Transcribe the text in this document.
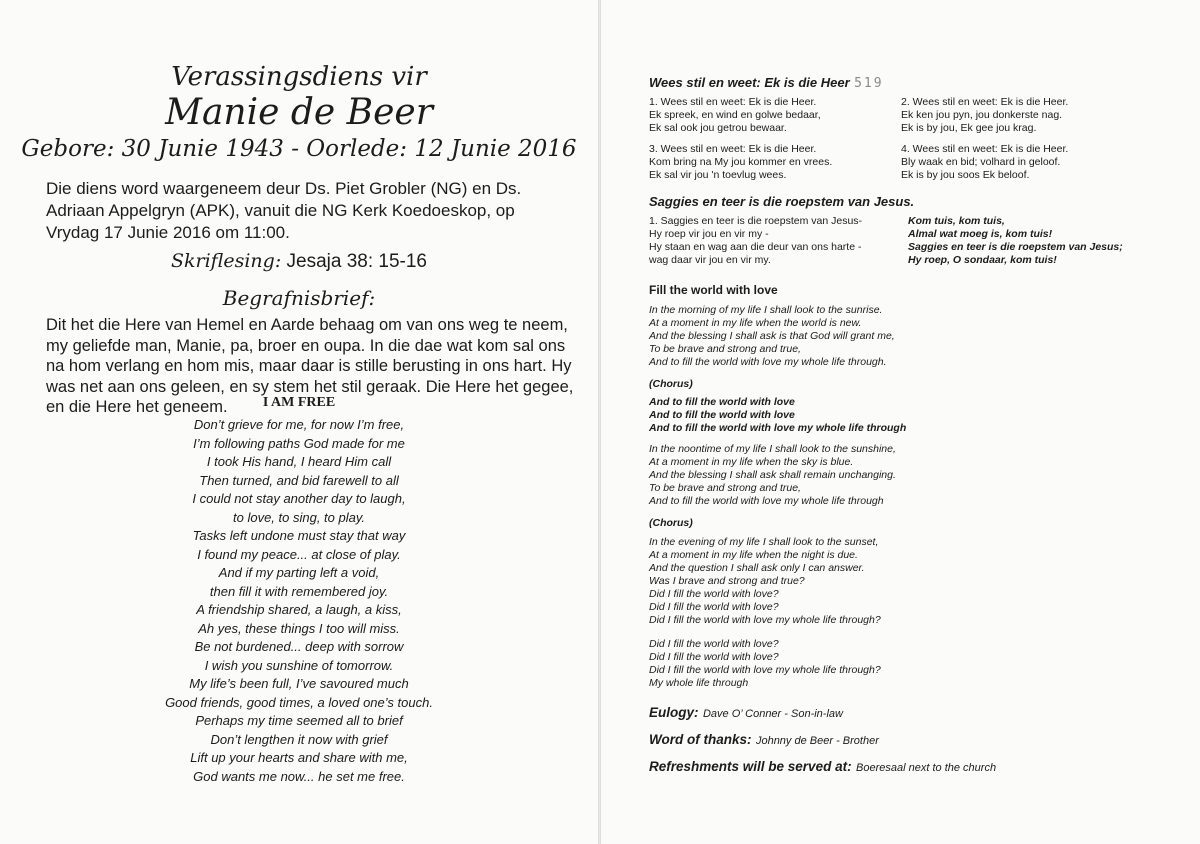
Verassingsdiens vir
Manie de Beer
Gebore: 30 Junie 1943 - Oorlede: 12 Junie 2016
Die diens word waargeneem deur Ds. Piet Grobler (NG) en Ds. Adriaan Appelgryn (APK), vanuit die NG Kerk Koedoeskop, op Vrydag 17 Junie 2016 om 11:00.
Skriflesing: Jesaja 38: 15-16
Begrafnisbrief:
Dit het die Here van Hemel en Aarde behaag om van ons weg te neem, my geliefde man, Manie, pa, broer en oupa. In die dae wat kom sal ons na hom verlang en hom mis, maar daar is stille berusting in ons hart. Hy was net aan ons geleen, en sy stem het stil geraak. Die Here het gegee, en die Here het geneem.	I AM FREE
Don’t grieve for me, for now I’m free,
I’m following paths God made for me
I took His hand, I heard Him call
Then turned, and bid farewell to all
I could not stay another day to laugh,
to love, to sing, to play.
Tasks left undone must stay that way
I found my peace... at close of play.
And if my parting left a void,
then fill it with remembered joy.
A friendship shared, a laugh, a kiss,
Ah yes, these things I too will miss.
Be not burdened... deep with sorrow
I wish you sunshine of tomorrow.
My life’s been full, I’ve savoured much
Good friends, good times, a loved one’s touch.
Perhaps my time seemed all to brief
Don’t lengthen it now with grief
Lift up your hearts and share with me,
God wants me now... he set me free.
Wees stil en weet: Ek is die Heer 519
1. Wees stil en weet: Ek is die Heer.
Ek spreek, en wind en golwe bedaar,
Ek sal ook jou getrou bewaar.
2. Wees stil en weet: Ek is die Heer.
Ek ken jou pyn, jou donkerste nag.
Ek is by jou, Ek gee jou krag.
3. Wees stil en weet: Ek is die Heer.
Kom bring na My jou kommer en vrees.
Ek sal vir jou 'n toevlug wees.
4. Wees stil en weet: Ek is die Heer.
Bly waak en bid; volhard in geloof.
Ek is by jou soos Ek beloof.
Saggies en teer is die roepstem van Jesus.
1. Saggies en teer is die roepstem van Jesus-
Hy roep vir jou en vir my -
Hy staan en wag aan die deur van ons harte -
wag daar vir jou en vir my.
Kom tuis, kom tuis,
Almal wat moeg is, kom tuis!
Saggies en teer is die roepstem van Jesus;
Hy roep, O sondaar, kom tuis!
Fill the world with love
In the morning of my life I shall look to the sunrise.
At a moment in my life when the world is new.
And the blessing I shall ask is that God will grant me,
To be brave and strong and true,
And to fill the world with love my whole life through.
(Chorus)
And to fill the world with love
And to fill the world with love
And to fill the world with love my whole life through
In the noontime of my life I shall look to the sunshine,
At a moment in my life when the sky is blue.
And the blessing I shall ask shall remain unchanging.
To be brave and strong and true,
And to fill the world with love my whole life through
(Chorus)
In the evening of my life I shall look to the sunset,
At a moment in my life when the night is due.
And the question I shall ask only I can answer.
Was I brave and strong and true?
Did I fill the world with love?
Did I fill the world with love?
Did I fill the world with love my whole life through?
Did I fill the world with love?
Did I fill the world with love?
Did I fill the world with love my whole life through?
My whole life through
Eulogy: Dave O’ Conner - Son-in-law
Word of thanks: Johnny de Beer - Brother
Refreshments will be served at: Boeresaal next to the church
